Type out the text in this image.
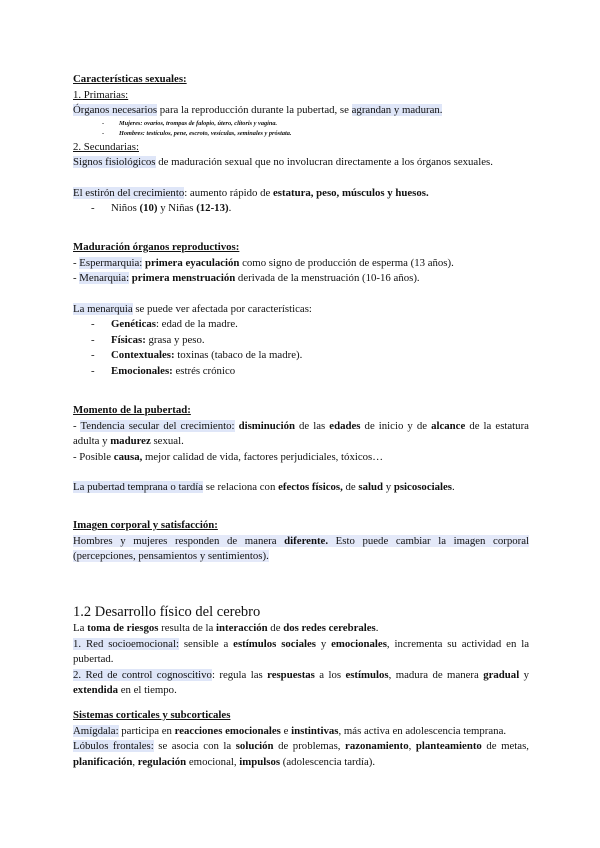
Características sexuales:

1. Primarias:

Órganos necesarios para la reproducción durante la pubertad, se agrandan y maduran.

- Mujeres: ovarios, trompas de falopio, útero, clítoris y vagina.
- Hombres: testículos, pene, escroto, vesículas, seminales y próstata.

2. Secundarias:

Signos fisiológicos de maduración sexual que no involucran directamente a los órganos sexuales.

El estirón del crecimiento: aumento rápido de estatura, peso, músculos y huesos.

- Niños (10) y Niñas (12-13).

Maduración órganos reproductivos:

- Espermarquia: primera eyaculación como signo de producción de esperma (13 años).

- Menarquia: primera menstruación derivada de la menstruación (10-16 años).

La menarquia se puede ver afectada por características:

- Genéticas: edad de la madre.
- Físicas: grasa y peso.
- Contextuales: toxinas (tabaco de la madre).
- Emocionales: estrés crónico

Momento de la pubertad:

- Tendencia secular del crecimiento: disminución de las edades de inicio y de alcance de la estatura adulta y madurez sexual.

- Posible causa, mejor calidad de vida, factores perjudiciales, tóxicos…

La pubertad temprana o tardía se relaciona con efectos físicos, de salud y psicosociales.

Imagen corporal y satisfacción:

Hombres y mujeres responden de manera diferente. Esto puede cambiar la imagen corporal (percepciones, pensamientos y sentimientos).

1.2 Desarrollo físico del cerebro

La toma de riesgos resulta de la interacción de dos redes cerebrales.

1. Red socioemocional: sensible a estímulos sociales y emocionales, incrementa su actividad en la pubertad.

2. Red de control cognoscitivo: regula las respuestas a los estímulos, madura de manera gradual y extendida en el tiempo.

Sistemas corticales y subcorticales

Amígdala: participa en reacciones emocionales e instintivas, más activa en adolescencia temprana.

Lóbulos frontales: se asocia con la solución de problemas, razonamiento, planteamiento de metas, planificación, regulación emocional, impulsos (adolescencia tardía).
